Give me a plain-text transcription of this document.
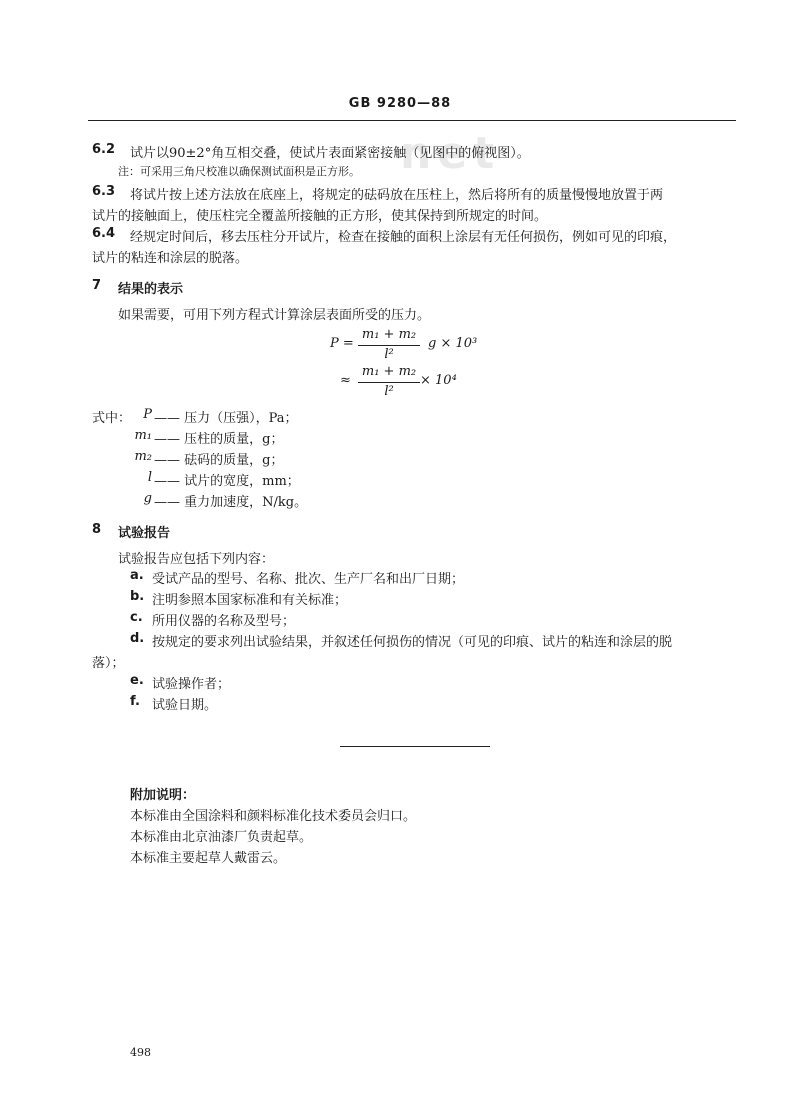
net
GB 9280—88
6.2 试片以90±2°角互相交叠，使试片表面紧密接触（见图中的俯视图）。
注：可采用三角尺校准以确保测试面积是正方形。
6.3 将试片按上述方法放在底座上，将规定的砝码放在压柱上，然后将所有的质量慢慢地放置于两
试片的接触面上，使压柱完全覆盖所接触的正方形，使其保持到所规定的时间。
6.4 经规定时间后，移去压柱分开试片，检查在接触的面积上涂层有无任何损伤，例如可见的印痕，
试片的粘连和涂层的脱落。
7 结果的表示
如果需要，可用下列方程式计算涂层表面所受的压力。
P =
m₁ + m₂
l²
g × 10³
≈
m₁ + m₂
l²
× 10⁴
式中： P —— 压力（压强），Pa；
m₁ —— 压柱的质量，g；
m₂ —— 砝码的质量，g；
l —— 试片的宽度，mm；
g —— 重力加速度，N/kg。
8 试验报告
试验报告应包括下列内容：
a. 受试产品的型号、名称、批次、生产厂名和出厂日期；
b. 注明参照本国家标准和有关标准；
c. 所用仪器的名称及型号；
d. 按规定的要求列出试验结果，并叙述任何损伤的情况（可见的印痕、试片的粘连和涂层的脱
落）；
e. 试验操作者；
f. 试验日期。
附加说明：
本标准由全国涂料和颜料标准化技术委员会归口。
本标准由北京油漆厂负责起草。
本标准主要起草人戴雷云。
498
